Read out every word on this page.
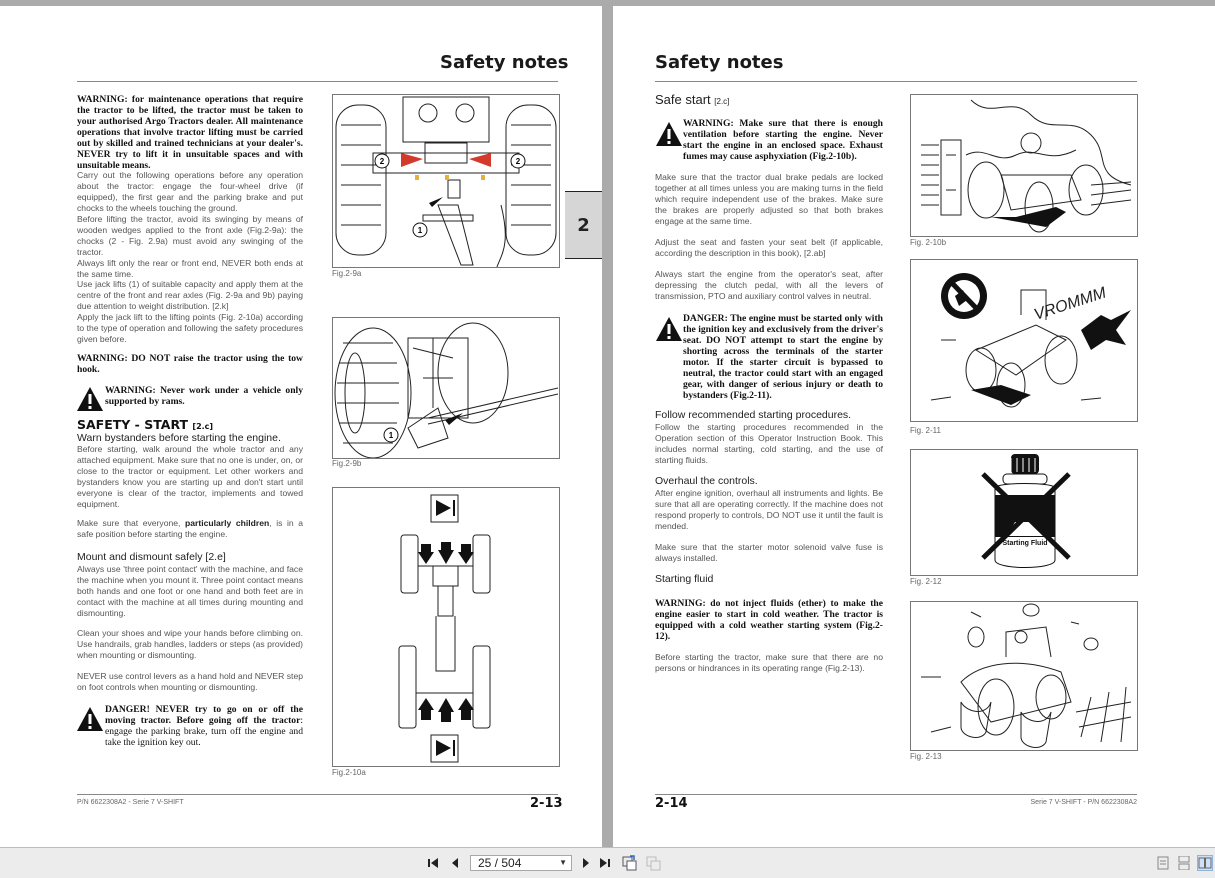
Safety notes
WARNING: for maintenance operations that require the tractor to be lifted, the tractor must be taken to your authorised Argo Tractors dealer. All maintenance operations that involve tractor lifting must be carried out by skilled and trained technicians at your dealer's. NEVER try to lift it in unsuitable spaces and with unsuitable means.
Carry out the following operations before any operation about the tractor: engage the four-wheel drive (if equipped), the first gear and the parking brake and put chocks to the wheels touching the ground.
Before lifting the tractor, avoid its swinging by means of wooden wedges applied to the front axle (Fig.2-9a): the chocks (2 - Fig. 2.9a) must avoid any swinging of the tractor.
Always lift only the rear or front end, NEVER both ends at the same time.
Use jack lifts (1) of suitable capacity and apply them at the centre of the front and rear axles (Fig. 2-9a and 9b) paying due attention to weight distribution. [2.k]
Apply the jack lift to the lifting points (Fig. 2-10a) according to the type of operation and following the safety procedures given before.
WARNING: DO NOT raise the tractor using the tow hook.
WARNING: Never work under a vehicle only supported by rams.
SAFETY - START [2.c]
Warn bystanders before starting the engine.
Before starting, walk around the whole tractor and any attached equipment. Make sure that no one is under, on, or close to the tractor or equipment. Let other workers and bystanders know you are starting up and don't start until everyone is clear of the tractor, implements and towed equipment.
Make sure that everyone, particularly children, is in a safe position before starting the engine.
Mount and dismount safely [2.e]
Always use 'three point contact' with the machine, and face the machine when you mount it. Three point contact means both hands and one foot or one hand and both feet are in contact with the machine at all times during mounting and dismounting.
Clean your shoes and wipe your hands before climbing on. Use handrails, grab handles, ladders or steps (as provided) when mounting or dismounting.
NEVER use control levers as a hand hold and NEVER step on foot controls when mounting or dismounting.
DANGER! NEVER try to go on or off the moving tractor. Before going off the tractor: engage the parking brake, turn off the engine and take the ignition key out.
2	2
1
Fig.2-9a
1
Fig.2-9b
Fig.2-10a
P/N 6622308A2 - Serie 7 V-SHIFT	2-13
2
Safety notes
Safe start [2.c]
WARNING: Make sure that there is enough ventilation before starting the engine. Never start the engine in an enclosed space. Exhaust fumes may cause asphyxiation (Fig.2-10b).
Make sure that the tractor dual brake pedals are locked together at all times unless you are making turns in the field which require independent use of the brakes. Make sure the brakes are properly adjusted so that both brakes engage at the same time.
Adjust the seat and fasten your seat belt (if applicable, according the description in this book), [2.ab]
Always start the engine from the operator's seat, after depressing the clutch pedal, with all the levers of transmission, PTO and auxiliary control valves in neutral.
DANGER: The engine must be started only with the ignition key and exclusively from the driver's seat. DO NOT attempt to start the engine by shorting across the terminals of the starter motor. If the starter circuit is bypassed to neutral, the tractor could start with an engaged gear, with danger of serious injury or death to bystanders (Fig.2-11).
Follow recommended starting procedures.
Follow the starting procedures recommended in the Operation section of this Operator Instruction Book. This includes normal starting, cold starting, and the use of starting fluids.
Overhaul the controls.
After engine ignition, overhaul all instruments and lights. Be sure that all are operating correctly. If the machine does not respond properly to controls, DO NOT use it until the fault is mended.
Make sure that the starter motor solenoid valve fuse is always installed.
Starting fluid
WARNING: do not inject fluids (ether) to make the engine easier to start in cold weather. The tractor is equipped with a cold weather starting system (Fig.2-12).
Before starting the tractor, make sure that there are no persons or hindrances in its operating range (Fig.2-13).
Fig. 2-10b
VROMMM
Fig. 2-11
Starting Fluid
Fig. 2-12
Fig. 2-13
2-14	Serie 7 V-SHIFT - P/N 6622308A2
25 / 504	▼
